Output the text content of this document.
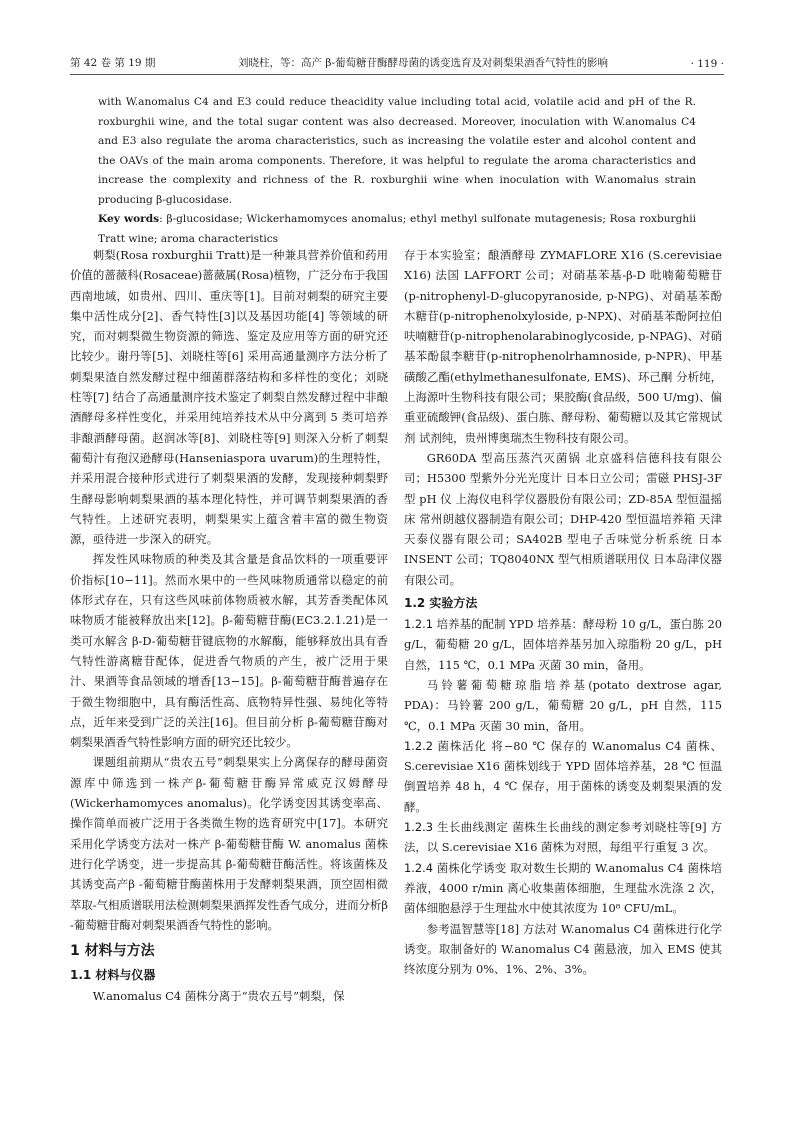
第 42 卷 第 19 期	刘晓柱，等：高产 β-葡萄糖苷酶酵母菌的诱变选育及对刺梨果酒香气特性的影响	· 119 ·

with W.anomalus C4 and E3 could reduce theacidity value including total acid, volatile acid and pH of the R. roxburghii wine, and the total sugar content was also decreased. Moreover, inoculation with W.anomalus C4 and E3 also regulate the aroma characteristics, such as increasing the volatile ester and alcohol content and the OAVs of the main aroma components. Therefore, it was helpful to regulate the aroma characteristics and increase the complexity and richness of the R. roxburghii wine when inoculation with W.anomalus strain producing β-glucosidase.

Key words: β-glucosidase; Wickerhamomyces anomalus; ethyl methyl sulfonate mutagenesis; Rosa roxburghii Tratt wine; aroma characteristics

刺梨(Rosa roxburghii Tratt)是一种兼具营养价值和药用价值的蔷薇科(Rosaceae)蔷薇属(Rosa)植物，广泛分布于我国西南地域，如贵州、四川、重庆等[1]。目前对刺梨的研究主要集中活性成分[2]、香气特性[3]以及基因功能[4] 等领域的研究，而对刺梨微生物资源的筛选、鉴定及应用等方面的研究还比较少。谢丹等[5]、刘晓柱等[6] 采用高通量测序方法分析了刺梨果渣自然发酵过程中细菌群落结构和多样性的变化；刘晓柱等[7] 结合了高通量测序技术鉴定了刺梨自然发酵过程中非酿酒酵母多样性变化，并采用纯培养技术从中分离到 5 类可培养非酿酒酵母菌。赵润冰等[8]、刘晓柱等[9] 则深入分析了刺梨葡萄汁有孢汉逊酵母(Hanseniaspora uvarum)的生理特性，并采用混合接种形式进行了刺梨果酒的发酵，发现接种刺梨野生酵母影响刺梨果酒的基本理化特性，并可调节刺梨果酒的香气特性。上述研究表明，刺梨果实上蕴含着丰富的微生物资源，亟待进一步深入的研究。

挥发性风味物质的种类及其含量是食品饮料的一项重要评价指标[10−11]。然而水果中的一些风味物质通常以稳定的前体形式存在，只有这些风味前体物质被水解，其芳香类配体风味物质才能被释放出来[12]。β-葡萄糖苷酶(EC3.2.1.21)是一类可水解含 β-D-葡萄糖苷键底物的水解酶，能够释放出具有香气特性游离糖苷配体，促进香气物质的产生，被广泛用于果汁、果酒等食品领域的增香[13−15]。β-葡萄糖苷酶普遍存在于微生物细胞中，具有酶活性高、底物特异性强、易纯化等特点，近年来受到广泛的关注[16]。但目前分析 β-葡萄糖苷酶对刺梨果酒香气特性影响方面的研究还比较少。

课题组前期从“贵农五号”刺梨果实上分离保存的酵母菌资源库中筛选到一株产β-葡萄糖苷酶异常威克汉姆酵母(Wickerhamomyces anomalus)。化学诱变因其诱变率高、操作简单而被广泛用于各类微生物的选育研究中[17]。本研究采用化学诱变方法对一株产 β-葡萄糖苷酶 W. anomalus 菌株进行化学诱变，进一步提高其 β-葡萄糖苷酶活性。将该菌株及其诱变高产β -葡萄糖苷酶菌株用于发酵刺梨果酒，顶空固相微萃取-气相质谱联用法检测刺梨果酒挥发性香气成分，进而分析β -葡萄糖苷酶对刺梨果酒香气特性的影响。

1 材料与方法
1.1 材料与仪器

W.anomalus C4 菌株分离于“贵农五号”刺梨，保

存于本实验室；酿酒酵母 ZYMAFLORE X16 (S.cerevisiae X16) 法国 LAFFORT 公司；对硝基苯基-β-D 吡喃葡萄糖苷(p-nitrophenyl-D-glucopyranoside, p-NPG)、对硝基苯酚木糖苷(p-nitrophenolxyloside, p-NPX)、对硝基苯酚阿拉伯呋喃糖苷(p-nitrophenolarabinoglycoside, p-NPAG)、对硝基苯酚鼠李糖苷(p-nitrophenolrhamnoside, p-NPR)、甲基磺酸乙酯(ethylmethanesulfonate, EMS)、环己酮 分析纯，上海源叶生物科技有限公司；果胶酶(食品级，500 U/mg)、偏重亚硫酸钾(食品级)、蛋白胨、酵母粉、葡萄糖以及其它常规试剂 试剂纯，贵州博奥瑞杰生物科技有限公司。

GR60DA 型高压蒸汽灭菌锅 北京盛科信德科技有限公司；H5300 型紫外分光光度计 日本日立公司；雷磁 PHSJ-3F 型 pH 仪 上海仪电科学仪器股份有限公司；ZD-85A 型恒温摇床 常州朗越仪器制造有限公司；DHP-420 型恒温培养箱 天津天泰仪器有限公司；SA402B 型电子舌味觉分析系统 日本 INSENT 公司；TQ8040NX 型气相质谱联用仪 日本岛津仪器有限公司。

1.2 实验方法

1.2.1 培养基的配制 YPD 培养基：酵母粉 10 g/L，蛋白胨 20 g/L，葡萄糖 20 g/L，固体培养基另加入琼脂粉 20 g/L，pH 自然，115 ℃，0.1 MPa 灭菌 30 min，备用。

马铃薯葡萄糖琼脂培养基(potato dextrose agar, PDA)：马铃薯 200 g/L，葡萄糖 20 g/L，pH 自然，115 ℃，0.1 MPa 灭菌 30 min，备用。

1.2.2 菌株活化 将−80 ℃ 保存的 W.anomalus C4 菌株、S.cerevisiae X16 菌株划线于 YPD 固体培养基，28 ℃ 恒温倒置培养 48 h，4 ℃ 保存，用于菌株的诱变及刺梨果酒的发酵。

1.2.3 生长曲线测定 菌株生长曲线的测定参考刘晓柱等[9] 方法，以 S.cerevisiae X16 菌株为对照，每组平行重复 3 次。

1.2.4 菌株化学诱变 取对数生长期的 W.anomalus C4 菌株培养液，4000 r/min 离心收集菌体细胞，生理盐水洗涤 2 次，菌体细胞悬浮于生理盐水中使其浓度为 10⁸ CFU/mL。

参考温智慧等[18] 方法对 W.anomalus C4 菌株进行化学诱变。取制备好的 W.anomalus C4 菌悬液，加入 EMS 使其终浓度分别为 0%、1%、2%、3%。
